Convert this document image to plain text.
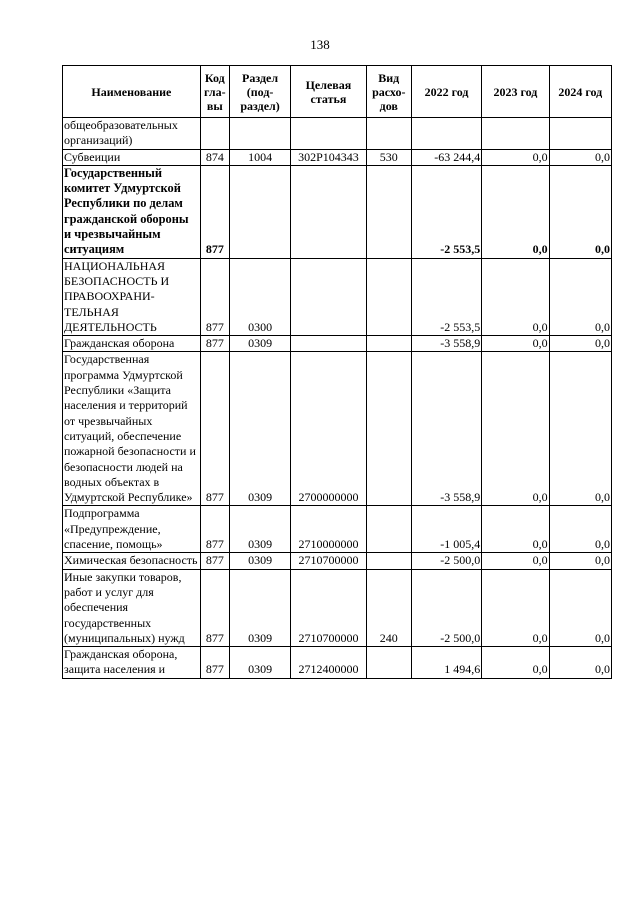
138
Наименование	Код гла- вы	Раздел (под- раздел)	Целевая статья	Вид расхо- дов	2022 год	2023 год	2024 год
общеобразовательных организаций)							
Субвеиции	874	1004	302P104343	530	-63 244,4	0,0	0,0
Государственный комитет Удмуртской Республики по делам гражданской обороны и чрезвычайным ситуациям	877				-2 553,5	0,0	0,0
НАЦИОНАЛЬНАЯ БЕЗОПАСНОСТЬ И ПРАВООХРАНИ-ТЕЛЬНАЯ ДЕЯТЕЛЬНОСТЬ	877	0300			-2 553,5	0,0	0,0
Гражданская оборона	877	0309			-3 558,9	0,0	0,0
Государственная программа Удмуртской Республики «Защита населения и территорий от чрезвычайных ситуаций, обеспечение пожарной безопасности и безопасности людей на водных объектах в Удмуртской Республике»	877	0309	2700000000		-3 558,9	0,0	0,0
Подпрограмма «Предупреждение, спасение, помощь»	877	0309	2710000000		-1 005,4	0,0	0,0
Химическая безопасность	877	0309	2710700000		-2 500,0	0,0	0,0
Иные закупки товаров, работ и услуг для обеспечения государственных (муниципальных) нужд	877	0309	2710700000	240	-2 500,0	0,0	0,0
Гражданская оборона, защита населения и	877	0309	2712400000		1 494,6	0,0	0,0
